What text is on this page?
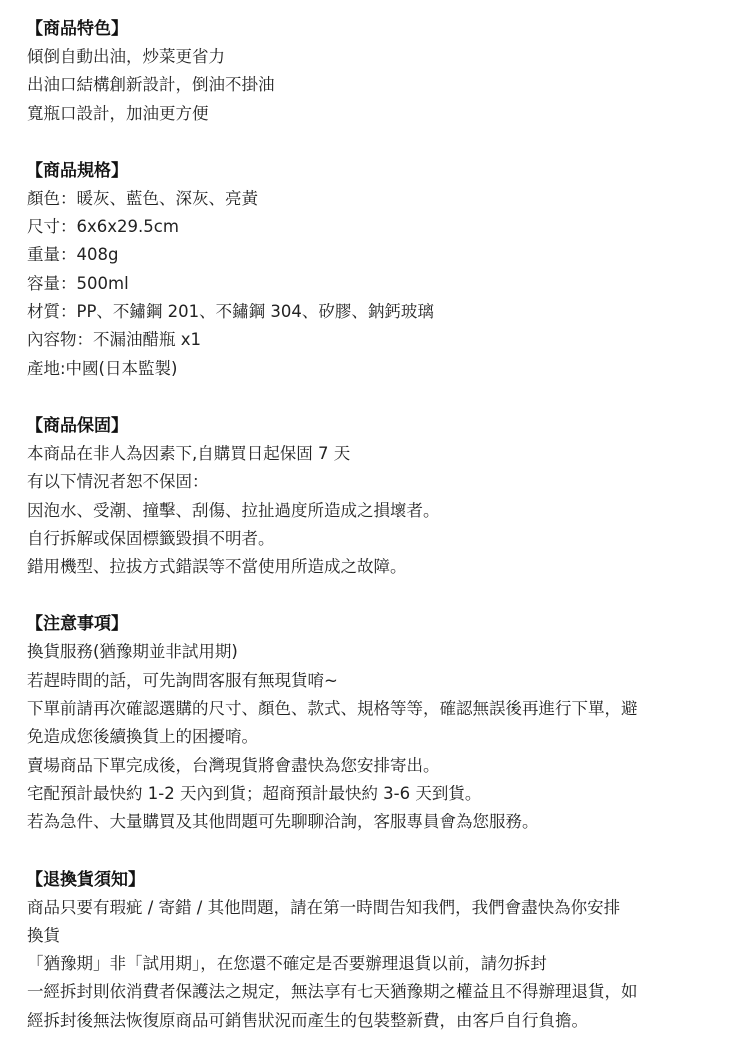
【商品特色】
傾倒自動出油，炒菜更省力
出油口結構創新設計，倒油不掛油
寬瓶口設計，加油更方便
【商品規格】
顏色：暖灰、藍色、深灰、亮黃
尺寸：6x6x29.5cm
重量：408g
容量：500ml
材質：PP、不鏽鋼 201、不鏽鋼 304、矽膠、鈉鈣玻璃
內容物：不漏油醋瓶 x1
產地:中國(日本監製)
【商品保固】
本商品在非人為因素下,自購買日起保固 7 天
有以下情況者恕不保固：
因泡水、受潮、撞擊、刮傷、拉扯過度所造成之損壞者。
自行拆解或保固標籤毀損不明者。
錯用機型、拉拔方式錯誤等不當使用所造成之故障。
【注意事項】
換貨服務(猶豫期並非試用期)
若趕時間的話，可先詢問客服有無現貨唷~
下單前請再次確認選購的尺寸、顏色、款式、規格等等，確認無誤後再進行下單，避
免造成您後續換貨上的困擾唷。
賣場商品下單完成後，台灣現貨將會盡快為您安排寄出。
宅配預計最快約 1-2 天內到貨；超商預計最快約 3-6 天到貨。
若為急件、大量購買及其他問題可先聊聊洽詢，客服專員會為您服務。
【退換貨須知】
商品只要有瑕疵 / 寄錯 / 其他問題，請在第一時間告知我們，我們會盡快為你安排
換貨
「猶豫期」非「試用期」，在您還不確定是否要辦理退貨以前，請勿拆封
一經拆封則依消費者保護法之規定，無法享有七天猶豫期之權益且不得辦理退貨，如
經拆封後無法恢復原商品可銷售狀況而產生的包裝整新費，由客戶自行負擔。
